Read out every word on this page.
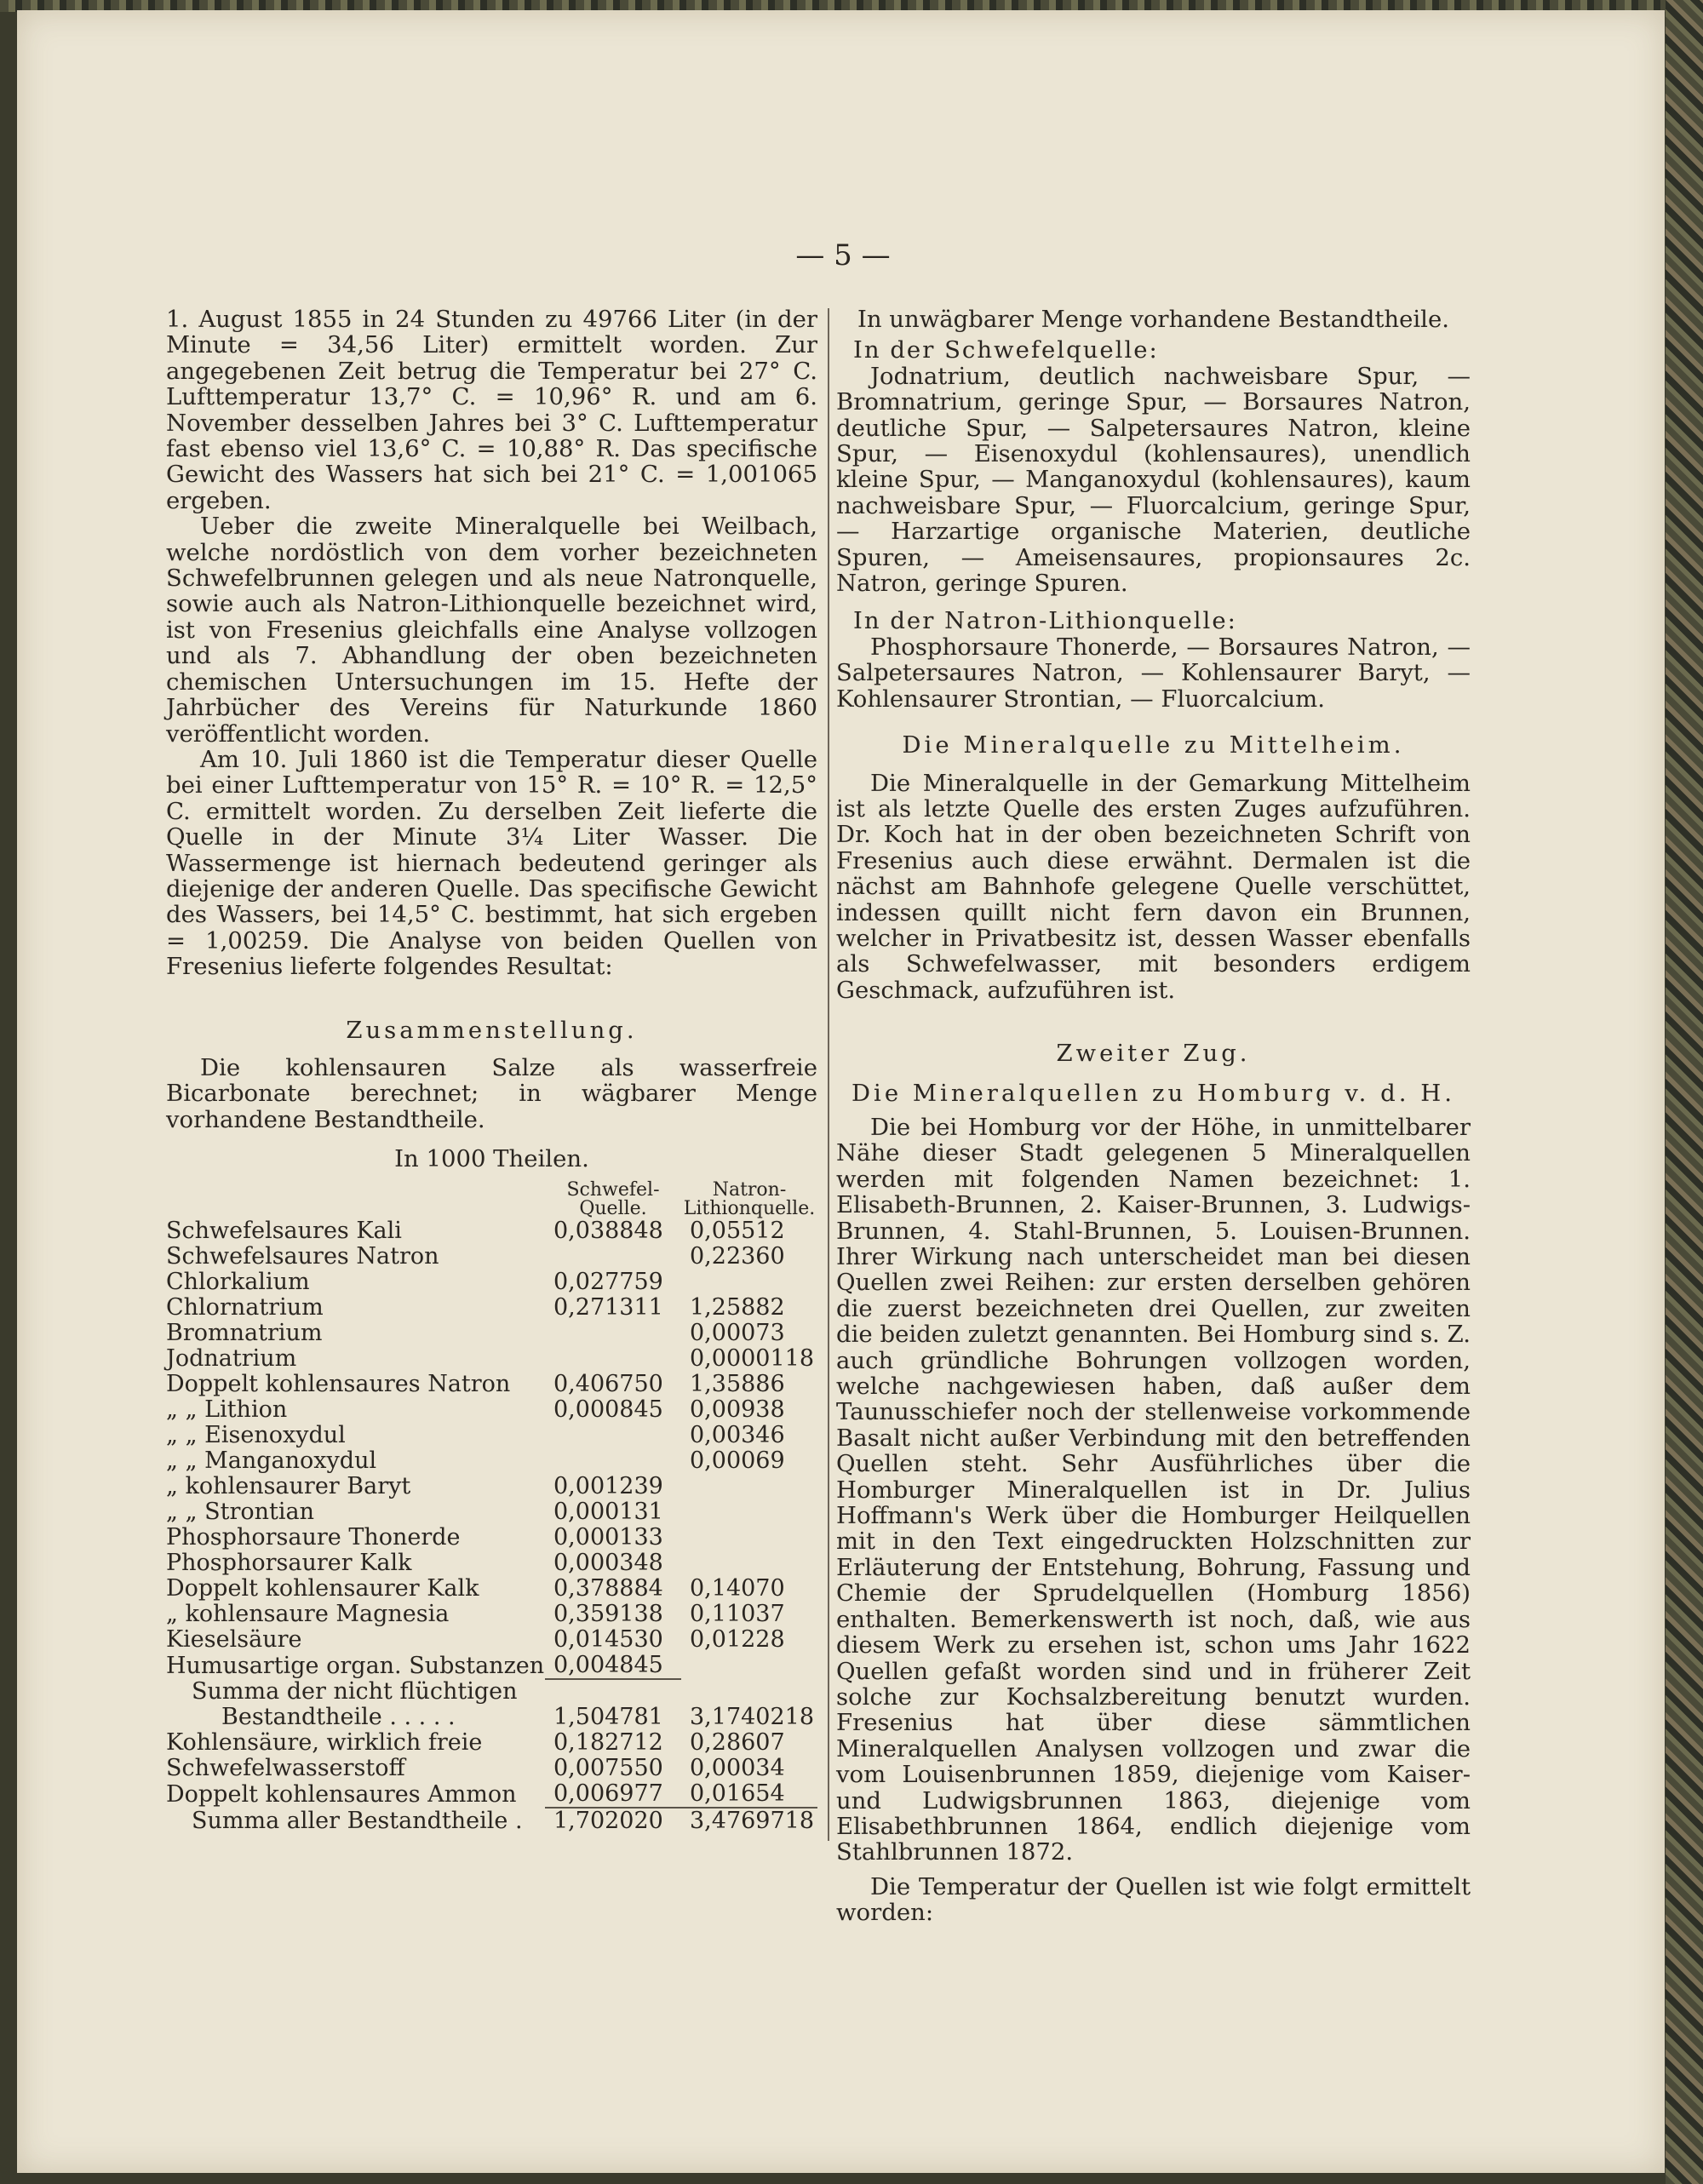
— 5 —

1. August 1855 in 24 Stunden zu 49766 Liter (in der Minute = 34,56 Liter) ermittelt worden. Zur angegebenen Zeit betrug die Temperatur bei 27° C. Lufttemperatur 13,7° C. = 10,96° R. und am 6. November desselben Jahres bei 3° C. Lufttemperatur fast ebenso viel 13,6° C. = 10,88° R. Das specifische Gewicht des Wassers hat sich bei 21° C. = 1,001065 ergeben.

Ueber die zweite Mineralquelle bei Weilbach, welche nordöstlich von dem vorher bezeichneten Schwefelbrunnen gelegen und als neue Natronquelle, sowie auch als Natron-Lithionquelle bezeichnet wird, ist von Fresenius gleichfalls eine Analyse vollzogen und als 7. Abhandlung der oben bezeichneten chemischen Untersuchungen im 15. Hefte der Jahrbücher des Vereins für Naturkunde 1860 veröffentlicht worden.

Am 10. Juli 1860 ist die Temperatur dieser Quelle bei einer Lufttemperatur von 15° R. = 10° R. = 12,5° C. ermittelt worden. Zu derselben Zeit lieferte die Quelle in der Minute 3¼ Liter Wasser. Die Wassermenge ist hiernach bedeutend geringer als diejenige der anderen Quelle. Das specifische Gewicht des Wassers, bei 14,5° C. bestimmt, hat sich ergeben = 1,00259. Die Analyse von beiden Quellen von Fresenius lieferte folgendes Resultat:

Zusammenstellung.

Die kohlensauren Salze als wasserfreie Bicarbonate berechnet; in wägbarer Menge vorhandene Bestandtheile.

In 1000 Theilen.

	Schwefel-Quelle.	Natron-Lithionquelle.
Schwefelsaures Kali	0,038848	0,05512
Schwefelsaures Natron		0,22360
Chlorkalium	0,027759	
Chlornatrium	0,271311	1,25882
Bromnatrium		0,00073
Jodnatrium		0,0000118
Doppelt kohlensaures Natron	0,406750	1,35886
„ „ Lithion	0,000845	0,00938
„ „ Eisenoxydul		0,00346
„ „ Manganoxydul		0,00069
„ kohlensaurer Baryt	0,001239	
„ „ Strontian	0,000131	
Phosphorsaure Thonerde	0,000133	
Phosphorsaurer Kalk	0,000348	
Doppelt kohlensaurer Kalk	0,378884	0,14070
„ kohlensaure Magnesia	0,359138	0,11037
Kieselsäure	0,014530	0,01228
Humusartige organ. Substanzen	0,004845	
Summa der nicht flüchtigen		
Bestandtheile . . . . .	1,504781	3,1740218
Kohlensäure, wirklich freie	0,182712	0,28607
Schwefelwasserstoff	0,007550	0,00034
Doppelt kohlensaures Ammon	0,006977	0,01654
Summa aller Bestandtheile .	1,702020	3,4769718

In unwägbarer Menge vorhandene Bestandtheile.

In der Schwefelquelle:

Jodnatrium, deutlich nachweisbare Spur, — Bromnatrium, geringe Spur, — Borsaures Natron, deutliche Spur, — Salpetersaures Natron, kleine Spur, — Eisenoxydul (kohlensaures), unendlich kleine Spur, — Manganoxydul (kohlensaures), kaum nachweisbare Spur, — Fluorcalcium, geringe Spur, — Harzartige organische Materien, deutliche Spuren, — Ameisensaures, propionsaures 2c. Natron, geringe Spuren.

In der Natron-Lithionquelle:

Phosphorsaure Thonerde, — Borsaures Natron, — Salpetersaures Natron, — Kohlensaurer Baryt, — Kohlensaurer Strontian, — Fluorcalcium.

Die Mineralquelle zu Mittelheim.

Die Mineralquelle in der Gemarkung Mittelheim ist als letzte Quelle des ersten Zuges aufzuführen. Dr. Koch hat in der oben bezeichneten Schrift von Fresenius auch diese erwähnt. Dermalen ist die nächst am Bahnhofe gelegene Quelle verschüttet, indessen quillt nicht fern davon ein Brunnen, welcher in Privatbesitz ist, dessen Wasser ebenfalls als Schwefelwasser, mit besonders erdigem Geschmack, aufzuführen ist.

Zweiter Zug.

Die Mineralquellen zu Homburg v. d. H.

Die bei Homburg vor der Höhe, in unmittelbarer Nähe dieser Stadt gelegenen 5 Mineralquellen werden mit folgenden Namen bezeichnet: 1. Elisabeth-Brunnen, 2. Kaiser-Brunnen, 3. Ludwigs-Brunnen, 4. Stahl-Brunnen, 5. Louisen-Brunnen. Ihrer Wirkung nach unterscheidet man bei diesen Quellen zwei Reihen: zur ersten derselben gehören die zuerst bezeichneten drei Quellen, zur zweiten die beiden zuletzt genannten. Bei Homburg sind s. Z. auch gründliche Bohrungen vollzogen worden, welche nachgewiesen haben, daß außer dem Taunusschiefer noch der stellenweise vorkommende Basalt nicht außer Verbindung mit den betreffenden Quellen steht. Sehr Ausführliches über die Homburger Mineralquellen ist in Dr. Julius Hoffmann's Werk über die Homburger Heilquellen mit in den Text eingedruckten Holzschnitten zur Erläuterung der Entstehung, Bohrung, Fassung und Chemie der Sprudelquellen (Homburg 1856) enthalten. Bemerkenswerth ist noch, daß, wie aus diesem Werk zu ersehen ist, schon ums Jahr 1622 Quellen gefaßt worden sind und in früherer Zeit solche zur Kochsalzbereitung benutzt wurden. Fresenius hat über diese sämmtlichen Mineralquellen Analysen vollzogen und zwar die vom Louisenbrunnen 1859, diejenige vom Kaiser- und Ludwigsbrunnen 1863, diejenige vom Elisabethbrunnen 1864, endlich diejenige vom Stahlbrunnen 1872.

Die Temperatur der Quellen ist wie folgt ermittelt worden:
